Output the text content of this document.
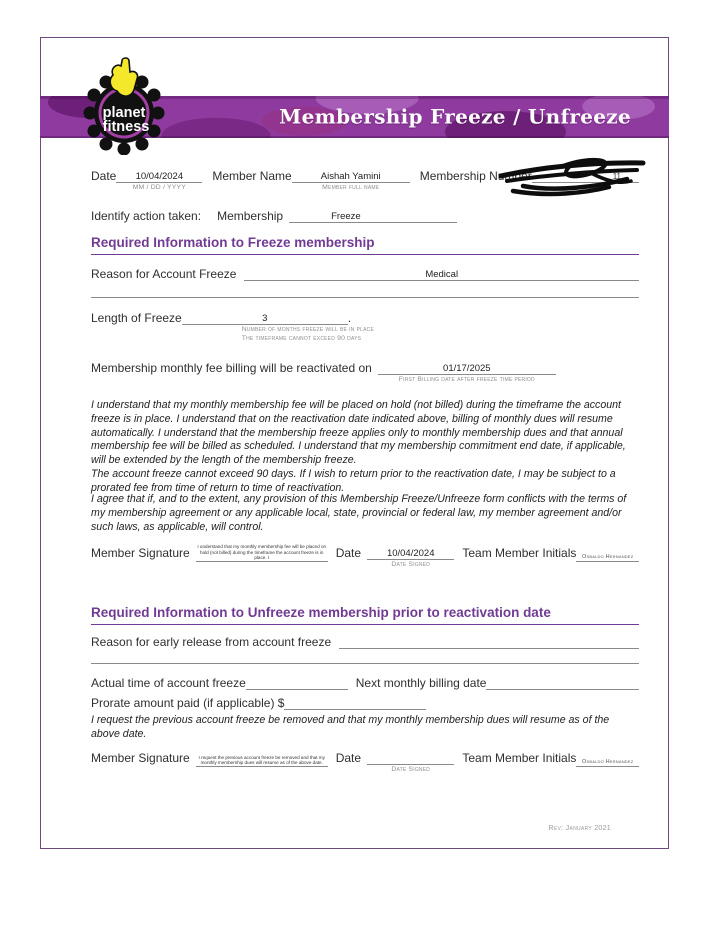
Membership Freeze / Unfreeze
planet
fitness
Date 10/04/2024
MM / DD / YYYY
Member Name	Aishah Yamini
Member full name
Membership Number	11
Identify action taken: Membership	Freeze
Required Information to Freeze membership
Reason for Account Freeze	Medical
Length of Freeze	3
Number of months freeze will be in place
The timeframe cannot exceed 90 days
.
Membership monthly fee billing will be reactivated on	01/17/2025
First Billing date after freeze time period

I understand that my monthly membership fee will be placed on hold (not billed) during the timeframe the account freeze is in place. I understand that on the reactivation date indicated above, billing of monthly dues will resume automatically. I understand that the membership freeze applies only to monthly membership dues and that annual membership fee will be billed as scheduled. I understand that my membership commitment end date, if applicable, will be extended by the length of the membership freeze.
The account freeze cannot exceed 90 days. If I wish to return prior to the reactivation date, I may be subject to a prorated fee from time of return to time of reactivation.

I agree that if, and to the extent, any provision of this Membership Freeze/Unfreeze form conflicts with the terms of my membership agreement or any applicable local, state, provincial or federal law, my member agreement and/or such laws, as applicable, will control.

Member Signature	I understand that my monthly membership fee will be placed on hold (not billed) during the timeframe the account freeze is in place. I	Date	10/04/2024
Date Signed
Team Member Initials Osbaldo Hernandez
Required Information to Unfreeze membership prior to reactivation date
Reason for early release from account freeze
Actual time of account freeze	Next monthly billing date
Prorate amount paid (if applicable) $

I request the previous account freeze be removed and that my monthly membership dues will resume as of the above date.

Member Signature	I request the previous account freeze be removed and that my monthly membership dues will resume as of the above date.	Date
Date Signed
Team Member Initials Osbaldo Hernandez
Rev: January 2021
